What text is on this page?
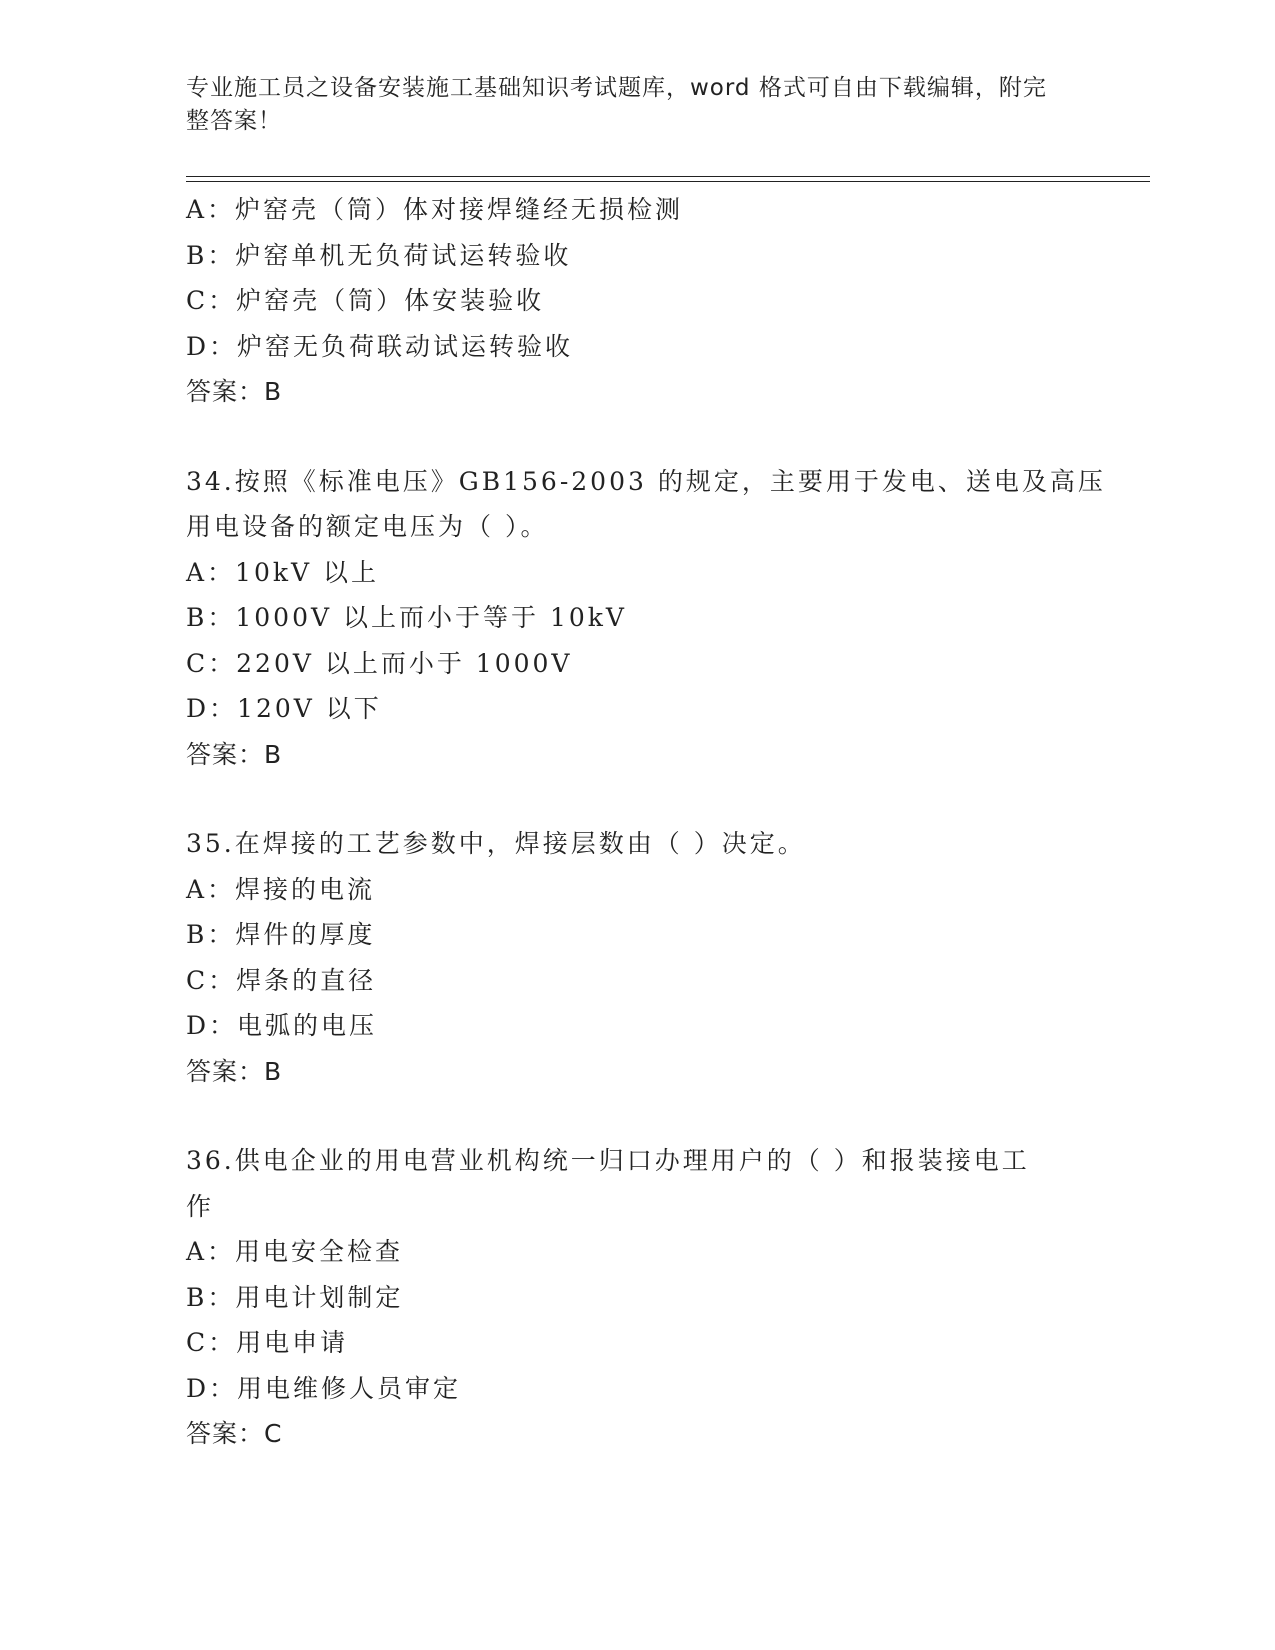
专业施工员之设备安装施工基础知识考试题库，word 格式可自由下载编辑，附完
整答案！
A：炉窑壳（筒）体对接焊缝经无损检测
B：炉窑单机无负荷试运转验收
C：炉窑壳（筒）体安装验收
D：炉窑无负荷联动试运转验收
答案：B
34.按照《标准电压》GB156-2003 的规定，主要用于发电、送电及高压
用电设备的额定电压为（ ）。
A：10kV 以上
B：1000V 以上而小于等于 10kV
C：220V 以上而小于 1000V
D：120V 以下
答案：B
35.在焊接的工艺参数中，焊接层数由（ ）决定。
A：焊接的电流
B：焊件的厚度
C：焊条的直径
D：电弧的电压
答案：B
36.供电企业的用电营业机构统一归口办理用户的（ ）和报装接电工
作
A：用电安全检查
B：用电计划制定
C：用电申请
D：用电维修人员审定
答案：C
